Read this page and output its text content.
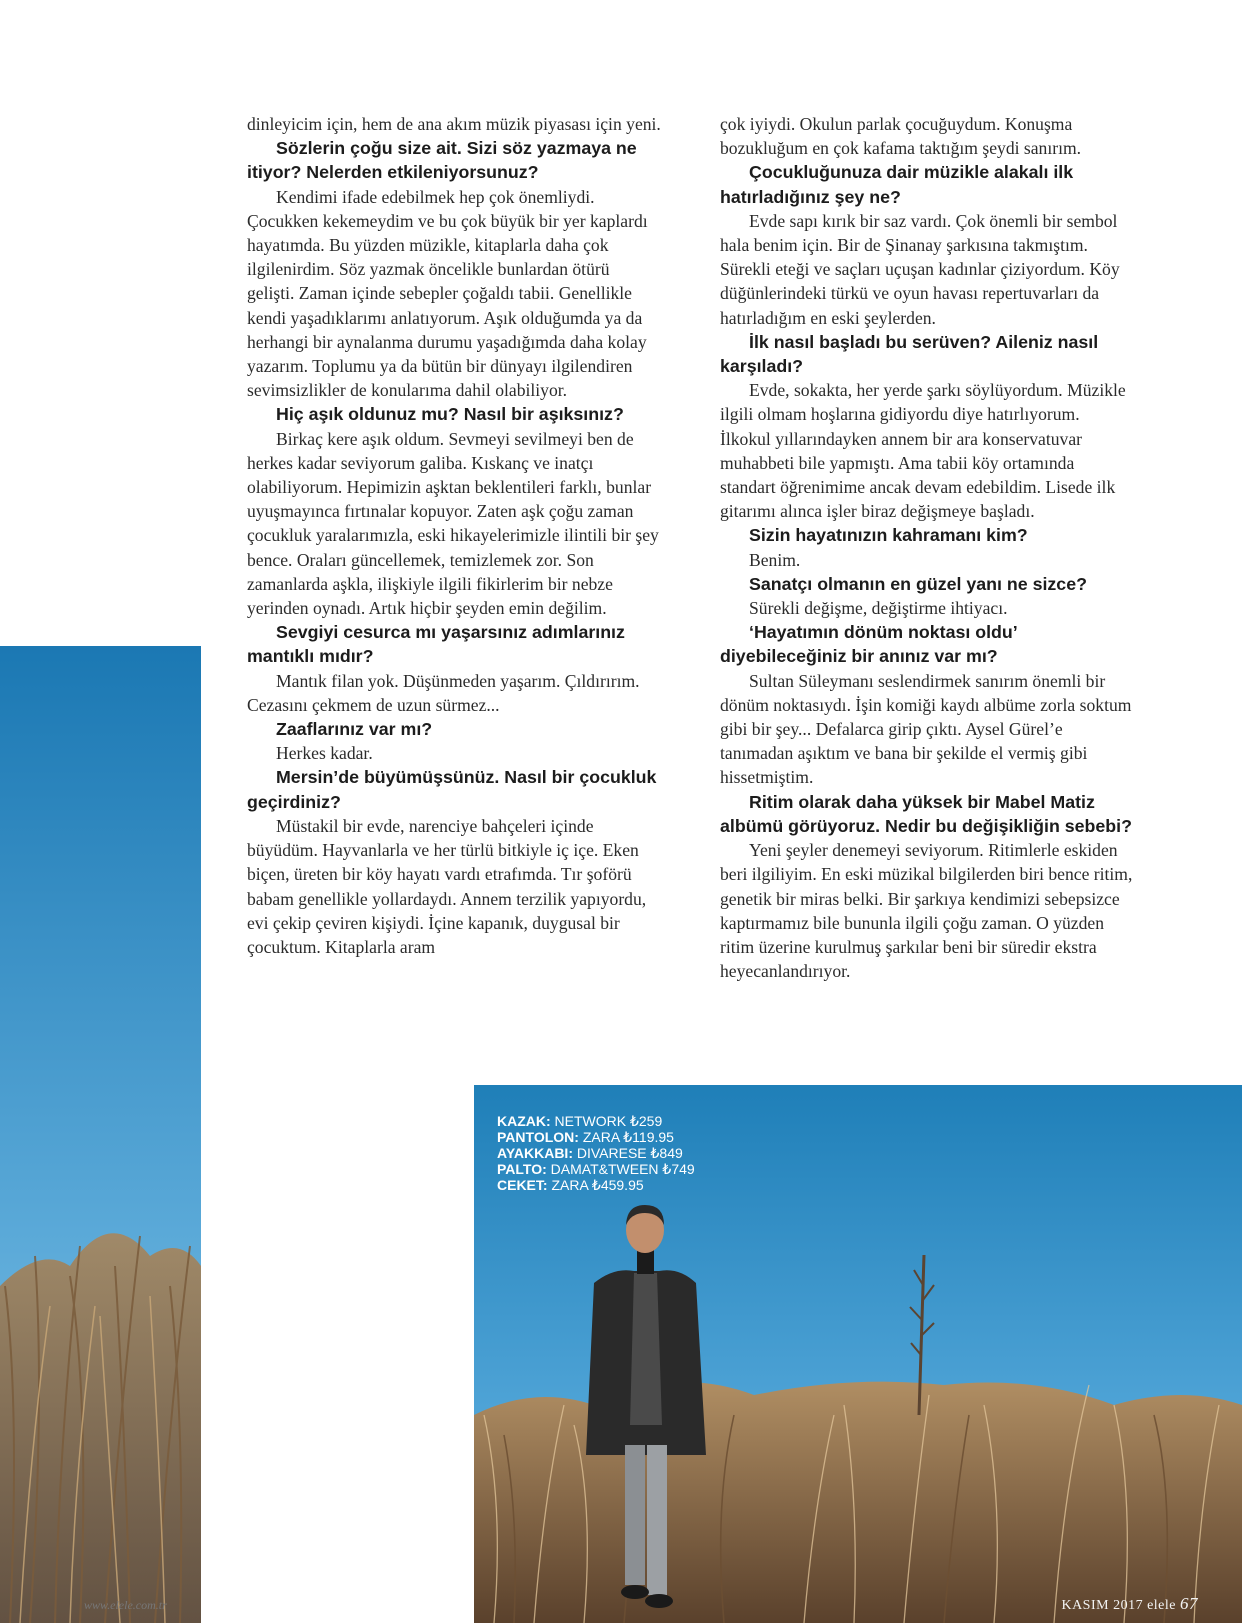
dinleyicim için, hem de ana akım müzik piyasası için yeni.

Sözlerin çoğu size ait. Sizi söz yazmaya ne itiyor? Nelerden etkileniyorsunuz?

Kendimi ifade edebilmek hep çok önemliydi. Çocukken kekemeydim ve bu çok büyük bir yer kaplardı hayatımda. Bu yüzden müzikle, kitaplarla daha çok ilgilenirdim. Söz yazmak öncelikle bunlardan ötürü gelişti. Zaman içinde sebepler çoğaldı tabii. Genellikle kendi yaşadıklarımı anlatıyorum. Aşık olduğumda ya da herhangi bir aynalanma durumu yaşadığımda daha kolay yazarım. Toplumu ya da bütün bir dünyayı ilgilendiren sevimsizlikler de konularıma dahil olabiliyor.

Hiç aşık oldunuz mu? Nasıl bir aşıksınız?

Birkaç kere aşık oldum. Sevmeyi sevilmeyi ben de herkes kadar seviyorum galiba. Kıskanç ve inatçı olabiliyorum. Hepimizin aşktan beklentileri farklı, bunlar uyuşmayınca fırtınalar kopuyor. Zaten aşk çoğu zaman çocukluk yaralarımızla, eski hikayelerimizle ilintili bir şey bence. Oraları güncellemek, temizlemek zor. Son zamanlarda aşkla, ilişkiyle ilgili fikirlerim bir nebze yerinden oynadı. Artık hiçbir şeyden emin değilim.

Sevgiyi cesurca mı yaşarsınız adımlarınız mantıklı mıdır?

Mantık filan yok. Düşünmeden yaşarım. Çıldırırım. Cezasını çekmem de uzun sürmez...

Zaaflarınız var mı?

Herkes kadar.

Mersin’de büyümüşsünüz. Nasıl bir çocukluk geçirdiniz?

Müstakil bir evde, narenciye bahçeleri içinde büyüdüm. Hayvanlarla ve her türlü bitkiyle iç içe. Eken biçen, üreten bir köy hayatı vardı etrafımda. Tır şoförü babam genellikle yollardaydı. Annem terzilik yapıyordu, evi çekip çeviren kişiydi. İçine kapanık, duygusal bir çocuktum. Kitaplarla aram

çok iyiydi. Okulun parlak çocuğuydum. Konuşma bozukluğum en çok kafama taktığım şeydi sanırım.

Çocukluğunuza dair müzikle alakalı ilk hatırladığınız şey ne?

Evde sapı kırık bir saz vardı. Çok önemli bir sembol hala benim için. Bir de Şinanay şarkısına takmıştım. Sürekli eteği ve saçları uçuşan kadınlar çiziyordum. Köy düğünlerindeki türkü ve oyun havası repertuvarları da hatırladığım en eski şeylerden.

İlk nasıl başladı bu serüven? Aileniz nasıl karşıladı?

Evde, sokakta, her yerde şarkı söylüyordum. Müzikle ilgili olmam hoşlarına gidiyordu diye hatırlıyorum. İlkokul yıllarındayken annem bir ara konservatuvar muhabbeti bile yapmıştı. Ama tabii köy ortamında standart öğrenimime ancak devam edebildim. Lisede ilk gitarımı alınca işler biraz değişmeye başladı.

Sizin hayatınızın kahramanı kim?

Benim.

Sanatçı olmanın en güzel yanı ne sizce?

Sürekli değişme, değiştirme ihtiyacı.

‘Hayatımın dönüm noktası oldu’ diyebileceğiniz bir anınız var mı?

Sultan Süleymanı seslendirmek sanırım önemli bir dönüm noktasıydı. İşin komiği kaydı albüme zorla soktum gibi bir şey... Defalarca girip çıktı. Aysel Gürel’e tanımadan aşıktım ve bana bir şekilde el vermiş gibi hissetmiştim.

Ritim olarak daha yüksek bir Mabel Matiz albümü görüyoruz. Nedir bu değişikliğin sebebi?

Yeni şeyler denemeyi seviyorum. Ritimlerle eskiden beri ilgiliyim. En eski müzikal bilgilerden biri bence ritim, genetik bir miras belki. Bir şarkıya kendimizi sebepsizce kaptırmamız bile bununla ilgili çoğu zaman. O yüzden ritim üzerine kurulmuş şarkılar beni bir süredir ekstra heyecanlandırıyor.

KAZAK: NETWORK ₺259
PANTOLON: ZARA ₺119.95
AYAKKABI: DIVARESE ₺849
PALTO: DAMAT&TWEEN ₺749
CEKET: ZARA ₺459.95
www.elele.com.tr	KASIM 2017 elele 67
